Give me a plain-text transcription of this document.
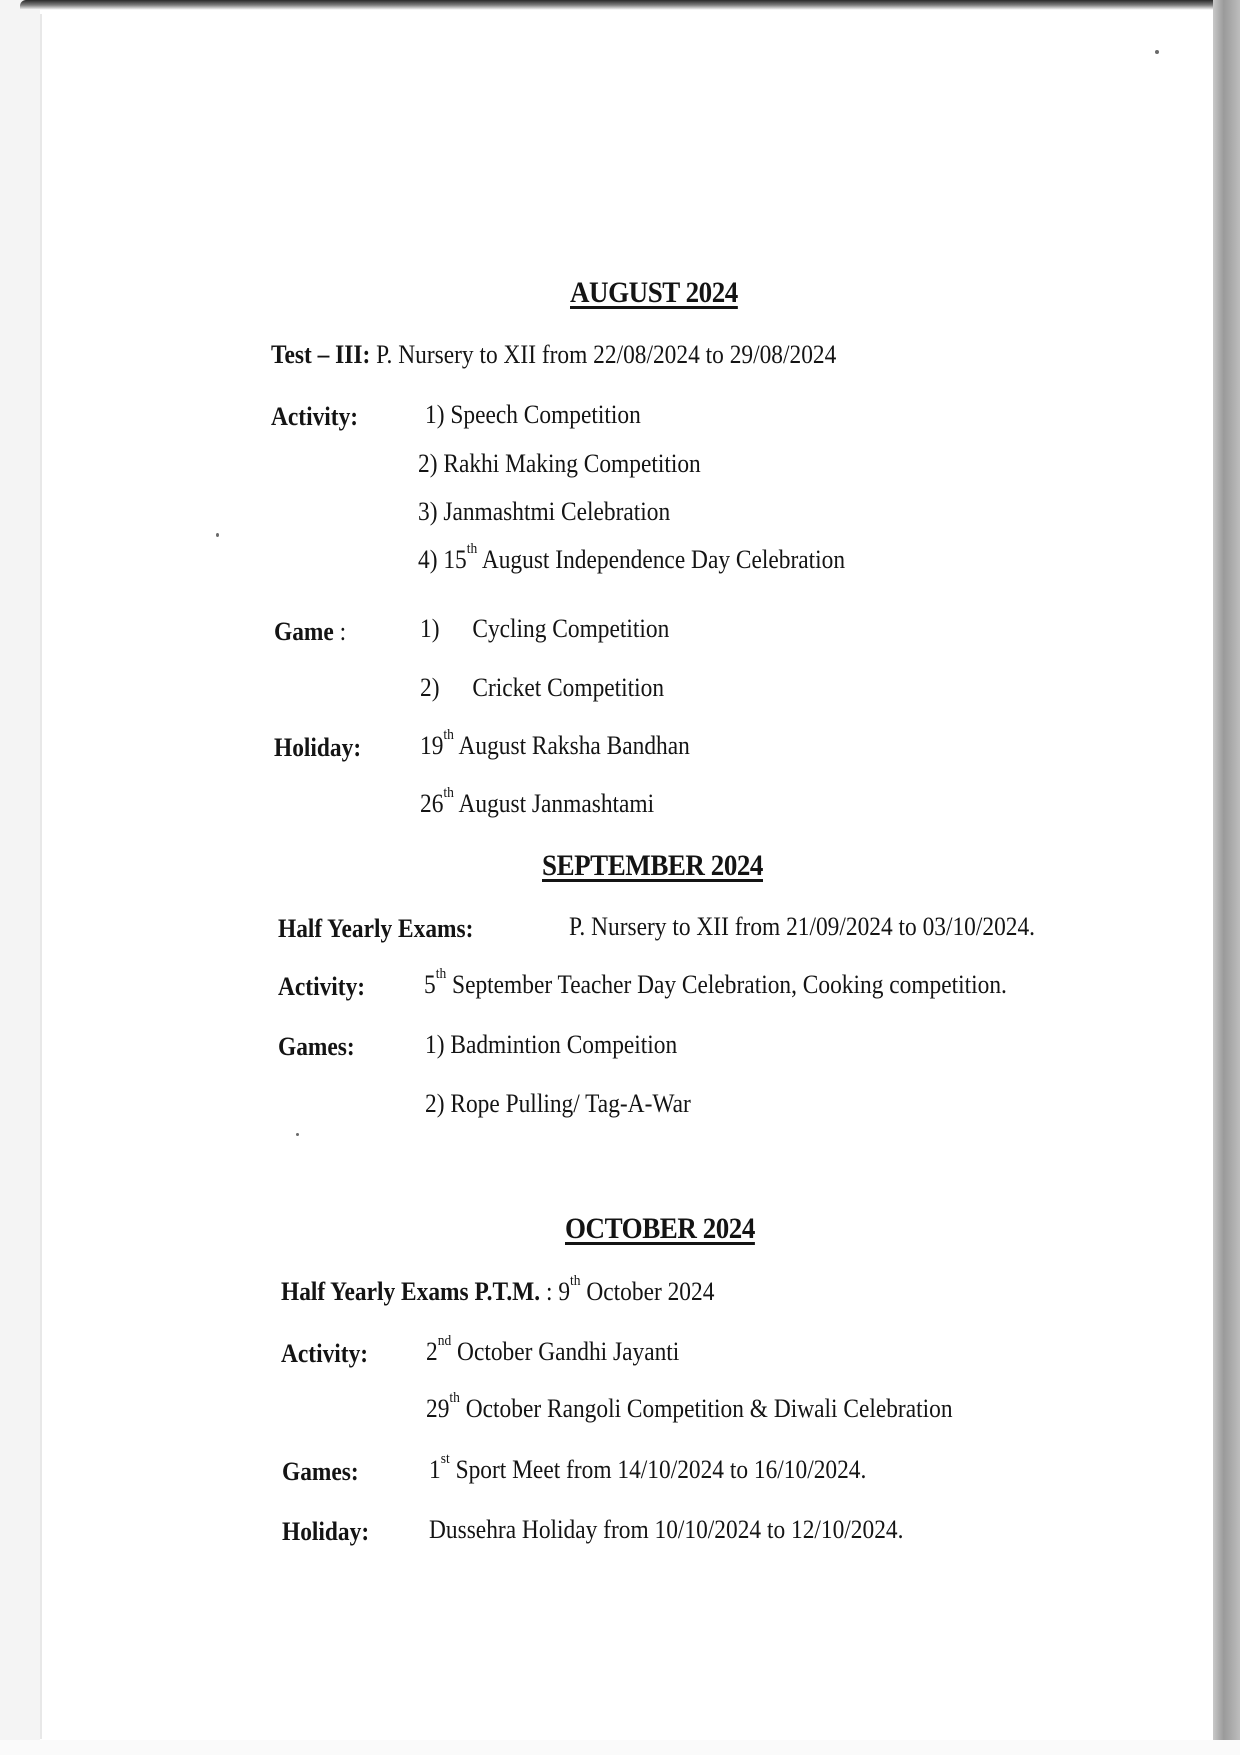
AUGUST 2024
Test – III: P. Nursery to XII from 22/08/2024 to 29/08/2024
Activity:	1) Speech Competition
2) Rakhi Making Competition
3) Janmashtmi Celebration
4) 15th August Independence Day Celebration
Game :	1) Cycling Competition
2) Cricket Competition
Holiday: 19th August Raksha Bandhan
26th August Janmashtami
SEPTEMBER 2024
Half Yearly Exams:	P. Nursery to XII from 21/09/2024 to 03/10/2024.
Activity: 5th September Teacher Day Celebration, Cooking competition.
Games:	1) Badmintion Compeition
2) Rope Pulling/ Tag-A-War
OCTOBER 2024
Half Yearly Exams P.T.M. : 9th October 2024
Activity: 2nd October Gandhi Jayanti
29th October Rangoli Competition & Diwali Celebration
Games:	1st Sport Meet from 14/10/2024 to 16/10/2024.
Holiday: Dussehra Holiday from 10/10/2024 to 12/10/2024.
